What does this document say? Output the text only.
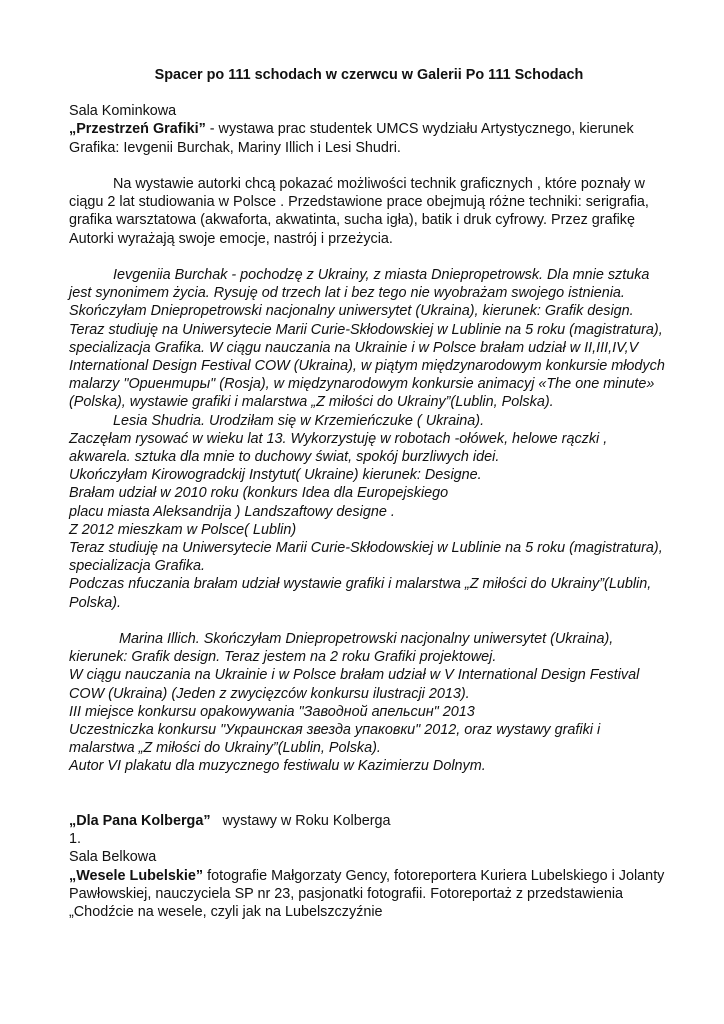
Spacer po 111 schodach w czerwcu w Galerii Po 111 Schodach

Sala Kominkowa

„Przestrzeń Grafiki” - wystawa prac studentek UMCS wydziału Artystycznego, kierunek Grafika: Ievgenii Burchak, Mariny Illich i Lesi Shudri.

Na wystawie autorki chcą pokazać możliwości technik graficznych , które poznały w ciągu 2 lat studiowania w Polsce . Przedstawione prace obejmują różne techniki: serigrafia, grafika warsztatowa (akwaforta, akwatinta, sucha igła), batik i druk cyfrowy. Przez grafikę Autorki wyrażają swoje emocje, nastrój i przeżycia.

Ievgeniia Burchak - pochodzę z Ukrainy, z miasta Dniepropetrowsk. Dla mnie sztuka jest synonimem życia. Rysuję od trzech lat i bez tego nie wyobrażam swojego istnienia. Skończyłam Dniepropetrowski nacjonalny uniwersytet (Ukraina), kierunek: Grafik design. Teraz studiuję na Uniwersytecie Marii Curie-Skłodowskiej w Lublinie na 5 roku (magistratura), specializacja Grafika. W ciągu nauczania na Ukrainie i w Polsce brałam udział w II,III,IV,V International Design Festival COW (Ukraina), w piątym międzynarodowym konkursie młodych malarzy "Ориентиры" (Rosja), w międzynarodowym konkursie animacyj «The one minute» (Polska), wystawie grafiki i malarstwa „Z miłości do Ukrainy”(Lublin, Polska).

Lesia Shudria. Urodziłam się w Krzemieńczuke ( Ukraina).

Zaczęłam rysować w wieku lat 13. Wykorzystuję w robotach -ołówek, helowe rączki , akwarela. sztuka dla mnie to duchowy świat, spokój burzliwych idei.

Ukończyłam Kirowogradckij Instytut( Ukraine) kierunek: Designe.

Brałam udział w 2010 roku (konkurs Idea dla Europejskiego

placu miasta Aleksandrija ) Landszaftowy designe .

Z 2012 mieszkam w Polsce( Lublin)

Teraz studiuję na Uniwersytecie Marii Curie-Skłodowskiej w Lublinie na 5 roku (magistratura), specializacja Grafika.

Podczas nfuczania brałam udział wystawie grafiki i malarstwa „Z miłości do Ukrainy”(Lublin, Polska).

Marina Illich. Skończyłam Dniepropetrowski nacjonalny uniwersytet (Ukraina), kierunek: Grafik design. Teraz jestem na 2 roku Grafiki projektowej.

W ciągu nauczania na Ukrainie i w Polsce brałam udział w V International Design Festival COW (Ukraina) (Jeden z zwycięzców konkursu ilustracji 2013).

III miejsce konkursu opakowywania "Заводной апельсин" 2013

Uczestniczka konkursu "Украинская звезда упаковки" 2012, oraz wystawy grafiki i malarstwa „Z miłości do Ukrainy”(Lublin, Polska).

Autor VI plakatu dla muzycznego festiwalu w Kazimierzu Dolnym.

„Dla Pana Kolberga”   wystawy w Roku Kolberga

1.

Sala Belkowa

„Wesele Lubelskie” fotografie Małgorzaty Gency, fotoreportera Kuriera Lubelskiego i Jolanty Pawłowskiej, nauczyciela SP nr 23, pasjonatki fotografii. Fotoreportaż z przedstawienia „Chodźcie na wesele, czyli jak na Lubelszczyźnie
